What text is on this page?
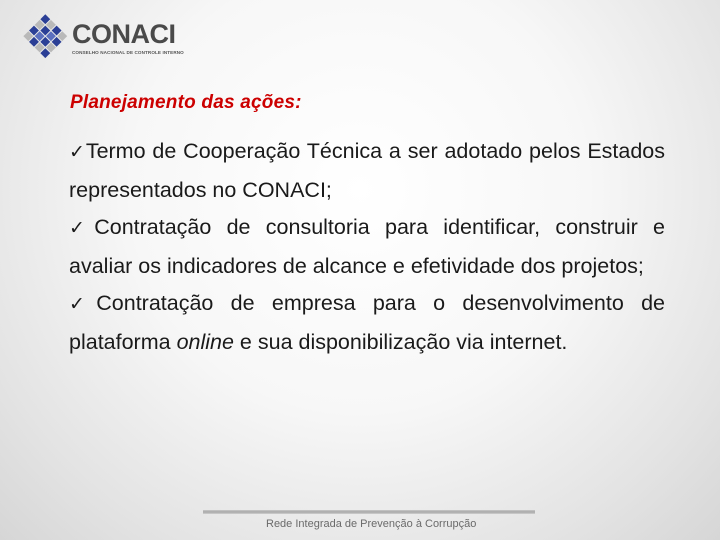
CONACI
CONSELHO NACIONAL DE CONTROLE INTERNO
Planejamento das ações:

✓Termo de Cooperação Técnica a ser adotado pelos Estados representados no CONACI;

✓Contratação de consultoria para identificar, construir e avaliar os indicadores de alcance e efetividade dos projetos;

✓Contratação de empresa para o desenvolvimento de plataforma online e sua disponibilização via internet.

Rede Integrada de Prevenção à Corrupção
